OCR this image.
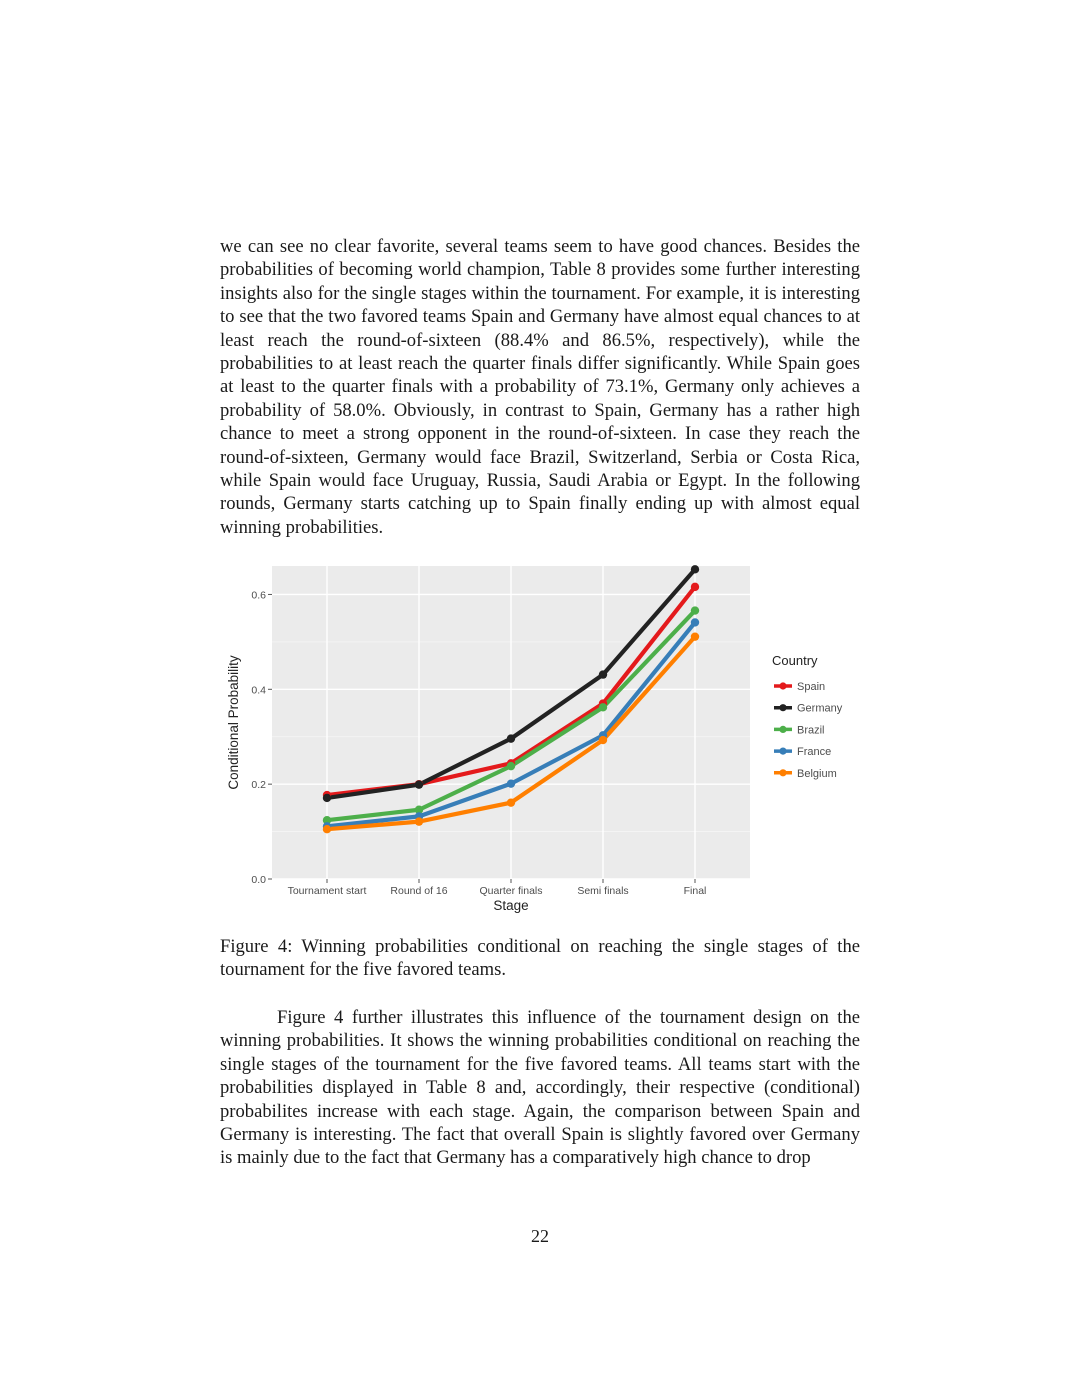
we can see no clear favorite, several teams seem to have good chances. Besides the probabilities of becoming world champion, Table 8 provides some further interesting insights also for the single stages within the tournament. For example, it is interesting to see that the two favored teams Spain and Germany have almost equal chances to at least reach the round-of-sixteen (88.4% and 86.5%, respectively), while the probabilities to at least reach the quarter finals differ significantly. While Spain goes at least to the quarter finals with a probability of 73.1%, Germany only achieves a probability of 58.0%. Obviously, in contrast to Spain, Germany has a rather high chance to meet a strong opponent in the round-of-sixteen. In case they reach the round-of-sixteen, Germany would face Brazil, Switzerland, Serbia or Costa Rica, while Spain would face Uruguay, Russia, Saudi Arabia or Egypt. In the following rounds, Germany starts catching up to Spain finally ending up with almost equal winning probabilities.
0.0
0.2
0.4
0.6
Tournament start Round of 16	Quarter finals	Semi finals	Final
Stage
Conditional Probability	Country
Spain
Germany
Brazil
France
Belgium
Figure 4: Winning probabilities conditional on reaching the single stages of the tournament for the five favored teams.
Figure 4 further illustrates this influence of the tournament design on the winning probabilities. It shows the winning probabilities conditional on reaching the single stages of the tournament for the five favored teams. All teams start with the probabilities displayed in Table 8 and, accordingly, their respective (conditional) probabilites increase with each stage. Again, the comparison between Spain and Germany is interesting. The fact that overall Spain is slightly favored over Germany is mainly due to the fact that Germany has a comparatively high chance to drop
22
